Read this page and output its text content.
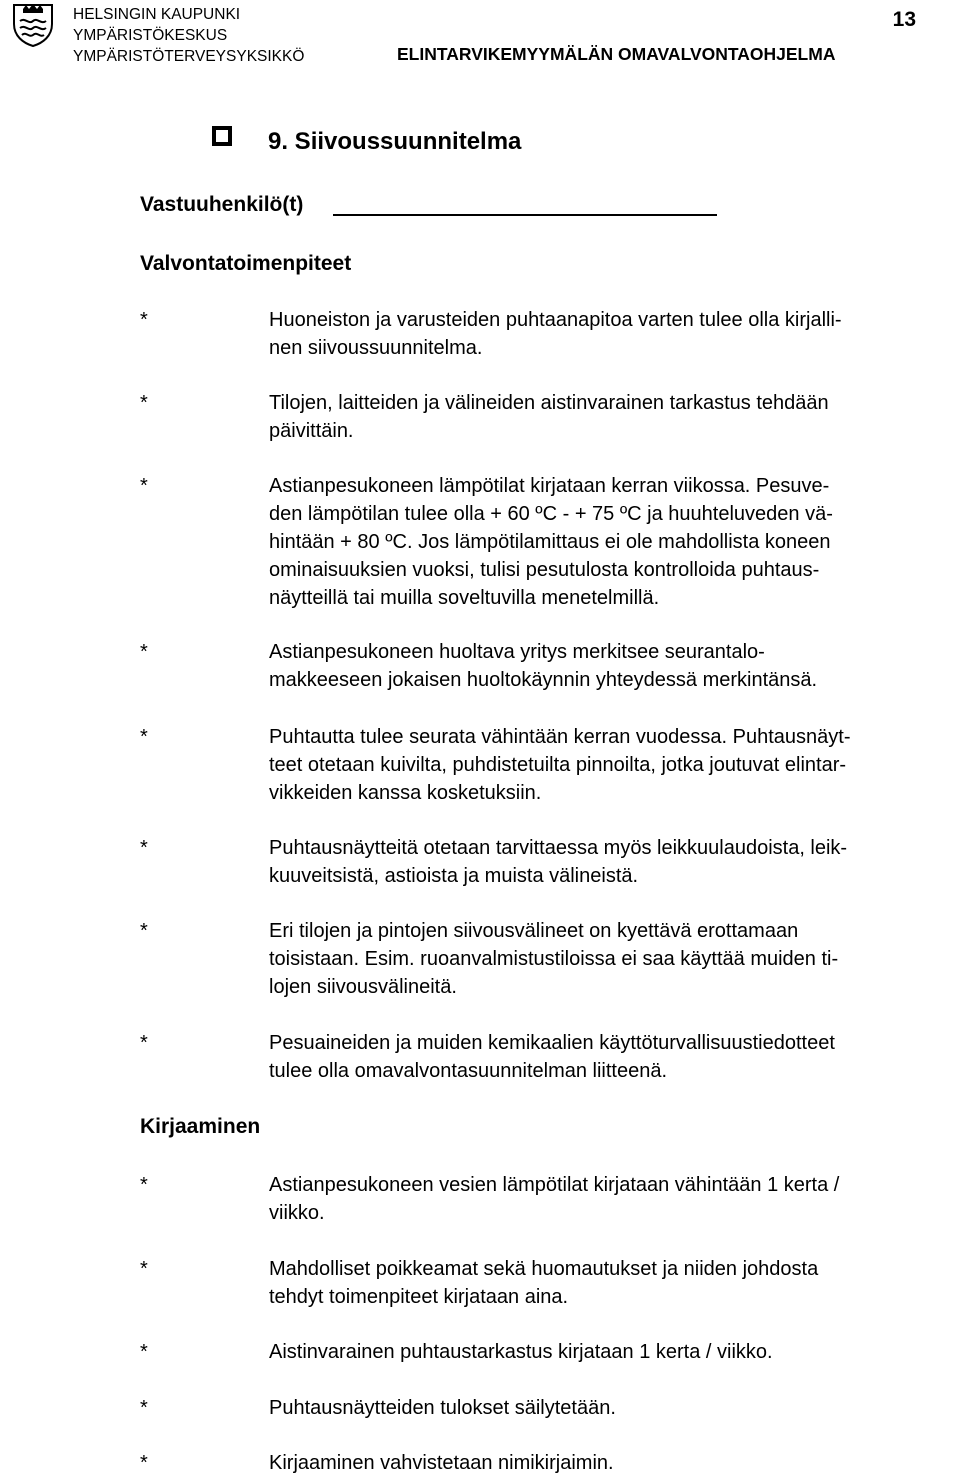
HELSINGIN KAUPUNKI
YMPÄRISTÖKESKUS
YMPÄRISTÖTERVEYSYKSIKKÖ
13
ELINTARVIKEMYYMÄLÄN OMAVALVONTAOHJELMA
9. Siivoussuunnitelma
Vastuuhenkilö(t)
Valvontatoimenpiteet
*	Huoneiston ja varusteiden puhtaanapitoa varten tulee olla kirjalli-
nen siivoussuunnitelma.
*	Tilojen, laitteiden ja välineiden aistinvarainen tarkastus tehdään
päivittäin.
*	Astianpesukoneen lämpötilat kirjataan kerran viikossa. Pesuve-
den lämpötilan tulee olla + 60 ºC - + 75 ºC ja huuhteluveden vä-
hintään + 80 ºC. Jos lämpötilamittaus ei ole mahdollista koneen
ominaisuuksien vuoksi, tulisi pesutulosta kontrolloida puhtaus-
näytteillä tai muilla soveltuvilla menetelmillä.
*	Astianpesukoneen huoltava yritys merkitsee seurantalo-
makkeeseen jokaisen huoltokäynnin yhteydessä merkintänsä.
*	Puhtautta tulee seurata vähintään kerran vuodessa. Puhtausnäyt-
teet otetaan kuivilta, puhdistetuilta pinnoilta, jotka joutuvat elintar-
vikkeiden kanssa kosketuksiin.
*	Puhtausnäytteitä otetaan tarvittaessa myös leikkuulaudoista, leik-
kuuveitsistä, astioista ja muista välineistä.
*	Eri tilojen ja pintojen siivousvälineet on kyettävä erottamaan
toisistaan. Esim. ruoanvalmistustiloissa ei saa käyttää muiden ti-
lojen siivousvälineitä.
*	Pesuaineiden ja muiden kemikaalien käyttöturvallisuustiedotteet
tulee olla omavalvontasuunnitelman liitteenä.
Kirjaaminen
*	Astianpesukoneen vesien lämpötilat kirjataan vähintään 1 kerta /
viikko.
*	Mahdolliset poikkeamat sekä huomautukset ja niiden johdosta
tehdyt toimenpiteet kirjataan aina.
*	Aistinvarainen puhtaustarkastus kirjataan 1 kerta / viikko.
*	Puhtausnäytteiden tulokset säilytetään.
*	Kirjaaminen vahvistetaan nimikirjaimin.
